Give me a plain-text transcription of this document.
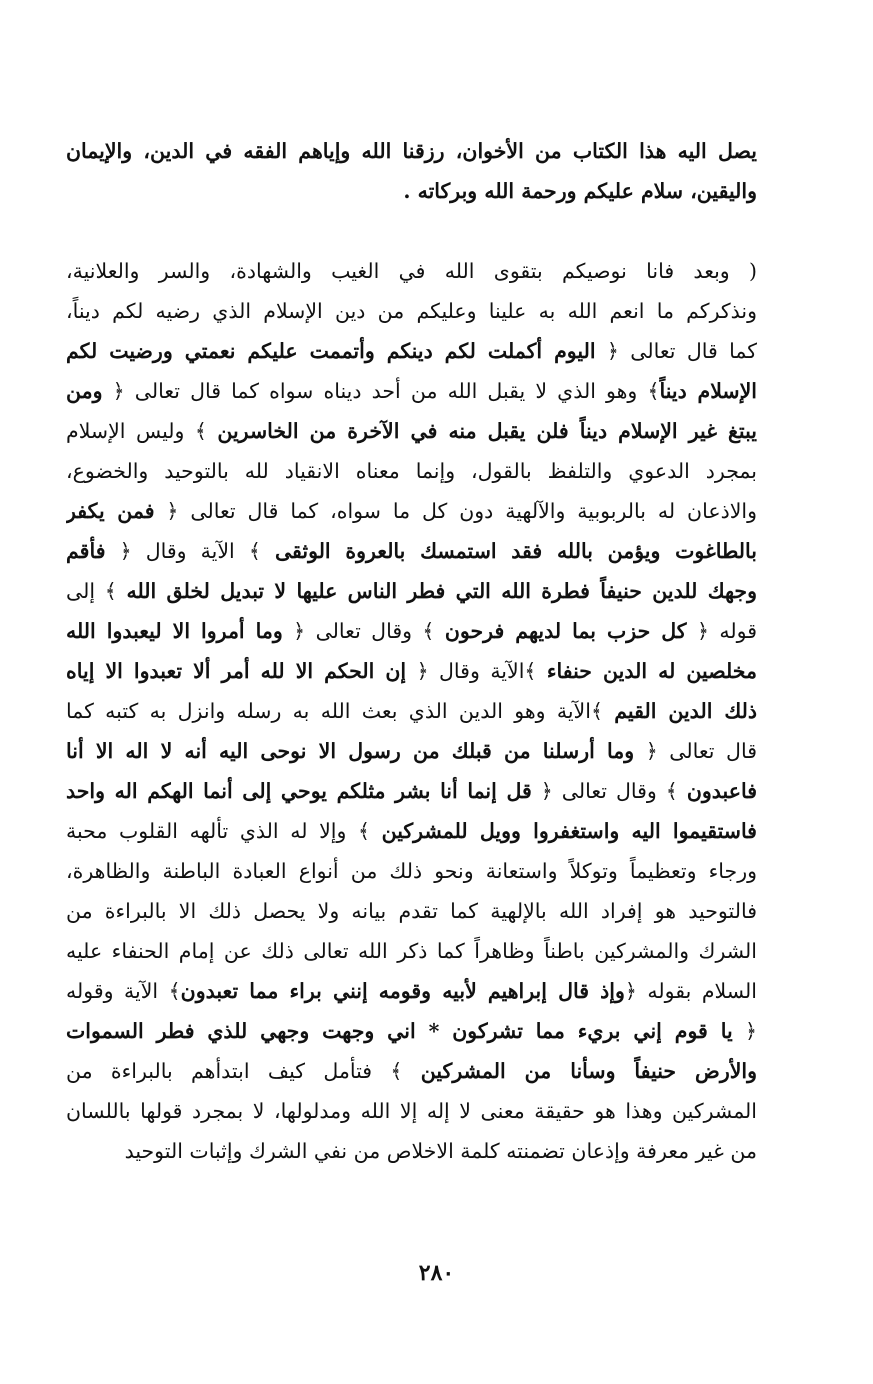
يصل اليه هذا الكتاب من الأخوان، رزقنا الله وإياهم الفقه في الدين، والإيمان
واليقين، سلام عليكم ورحمة الله وبركاته .
( وبعد فانا نوصيكم بتقوى الله في الغيب والشهادة، والسر والعلانية،
ونذكركم ما انعم الله به علينا وعليكم من دين الإسلام الذي رضيه لكم ديناً،
كما قال تعالى ﴿ اليوم أكملت لكم دينكم وأتممت عليكم نعمتي ورضيت لكم
الإسلام ديناً﴾ وهو الذي لا يقبل الله من أحد ديناه سواه كما قال تعالى ﴿ ومن
يبتغ غير الإسلام ديناً فلن يقبل منه في الآخرة من الخاسرين ﴾ وليس الإسلام
بمجرد الدعوي والتلفظ بالقول، وإنما معناه الانقياد لله بالتوحيد والخضوع،
والاذعان له بالربوبية والآلهية دون كل ما سواه، كما قال تعالى ﴿ فمن يكفر
بالطاغوت ويؤمن بالله فقد استمسك بالعروة الوثقى ﴾ الآية وقال ﴿ فأقم
وجهك للدين حنيفاً فطرة الله التي فطر الناس عليها لا تبديل لخلق الله ﴾ إلى
قوله ﴿ كل حزب بما لديهم فرحون ﴾ وقال تعالى ﴿ وما أمروا الا ليعبدوا الله
مخلصين له الدين حنفاء ﴾الآية وقال ﴿ إن الحكم الا لله أمر ألا تعبدوا الا إياه
ذلك الدين القيم ﴾الآية وهو الدين الذي بعث الله به رسله وانزل به كتبه كما
قال تعالى ﴿ وما أرسلنا من قبلك من رسول الا نوحى اليه أنه لا اله الا أنا
فاعبدون ﴾ وقال تعالى ﴿ قل إنما أنا بشر مثلكم يوحي إلى أنما الهكم اله واحد
فاستقيموا اليه واستغفروا وويل للمشركين ﴾ وإلا له الذي تألهه القلوب محبة
ورجاء وتعظيماً وتوكلاً واستعانة ونحو ذلك من أنواع العبادة الباطنة والظاهرة،
فالتوحيد هو إفراد الله بالإلهية كما تقدم بيانه ولا يحصل ذلك الا بالبراءة من
الشرك والمشركين باطناً وظاهراً كما ذكر الله تعالى ذلك عن إمام الحنفاء عليه
السلام بقوله ﴿وإذ قال إبراهيم لأبيه وقومه إنني براء مما تعبدون﴾ الآية وقوله
﴿ يا قوم إني بريء مما تشركون * اني وجهت وجهي للذي فطر السموات
والأرض حنيفاً وسأنا من المشركين ﴾ فتأمل كيف ابتدأهم بالبراءة من
المشركين وهذا هو حقيقة معنى لا إله إلا الله ومدلولها، لا بمجرد قولها باللسان
من غير معرفة وإذعان تضمنته كلمة الاخلاص من نفي الشرك وإثبات التوحيد
٢٨٠
